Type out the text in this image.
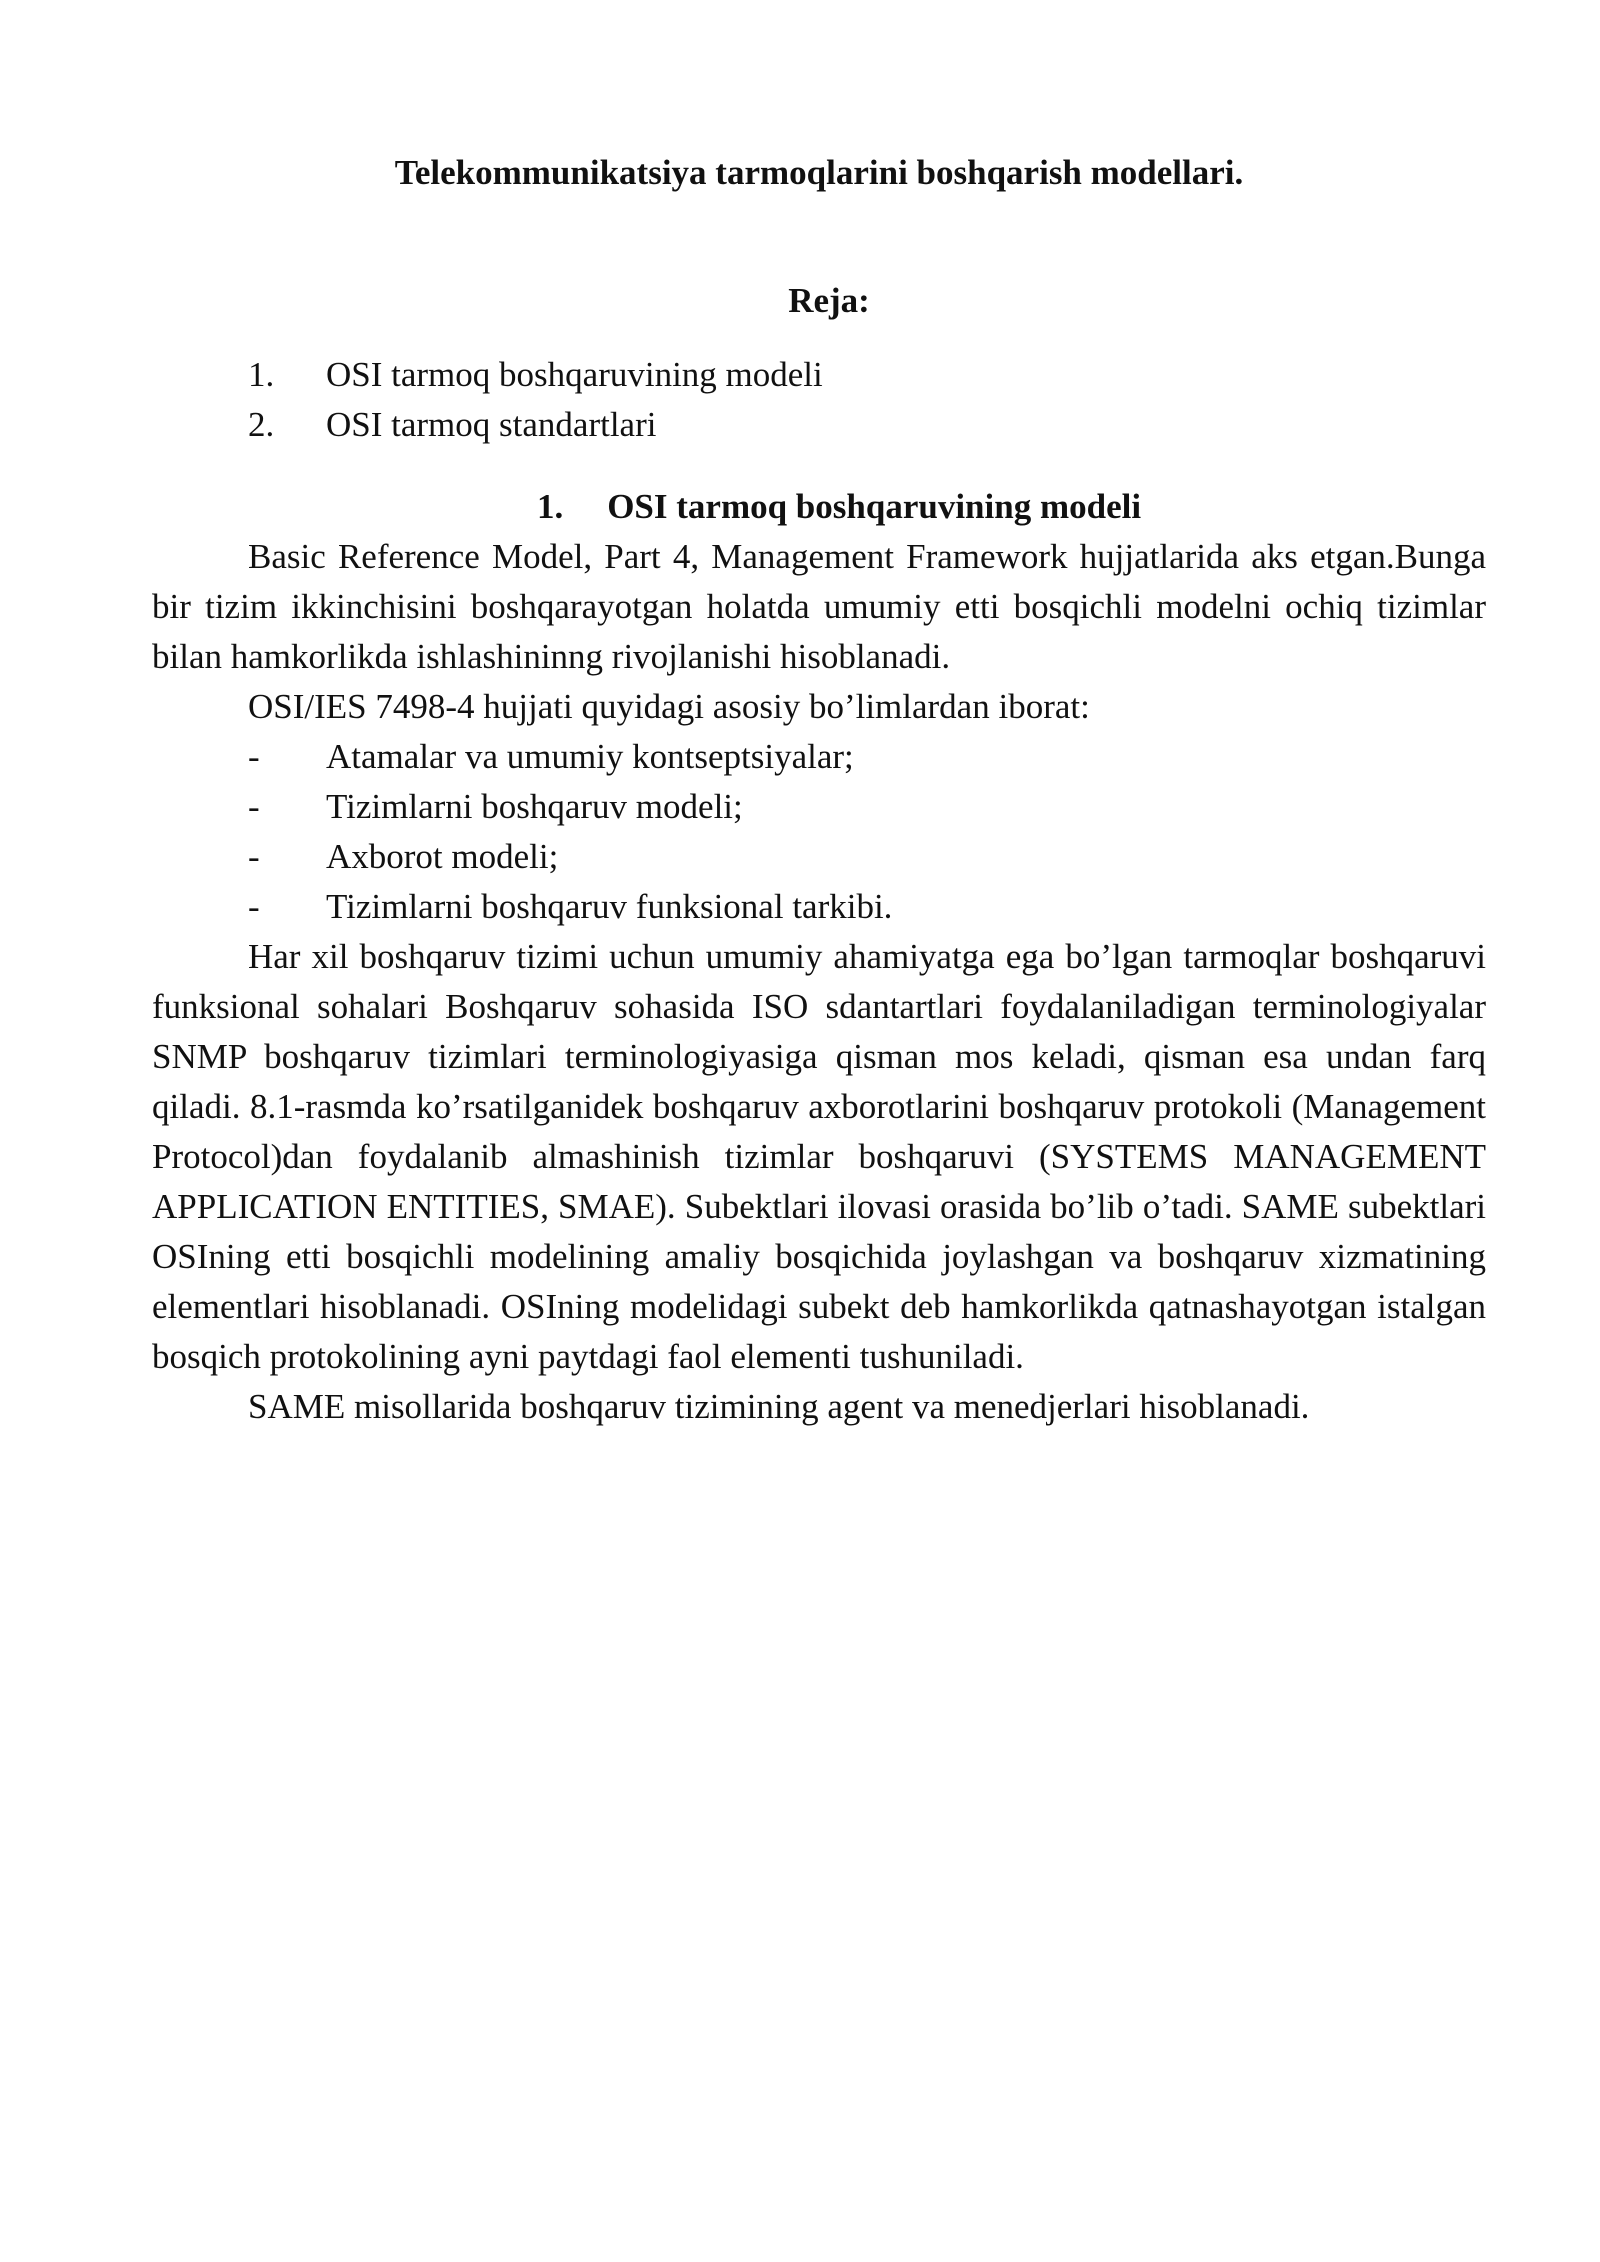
Telekommunikatsiya tarmoqlarini boshqarish modellari.
Reja:
1. OSI tarmoq boshqaruvining modeli
2. OSI tarmoq standartlari
1. OSI tarmoq boshqaruvining modeli

Basic Reference Model, Part 4, Management Framework hujjatlarida aks etgan.Bunga bir tizim ikkinchisini boshqarayotgan holatda umumiy etti bosqichli modelni ochiq tizimlar bilan hamkorlikda ishlashininng rivojlanishi hisoblanadi.

OSI/IES 7498-4 hujjati quyidagi asosiy bo’limlardan iborat:

- Atamalar va umumiy kontseptsiyalar;
- Tizimlarni boshqaruv modeli;
- Axborot modeli;
- Tizimlarni boshqaruv funksional tarkibi.

Har xil boshqaruv tizimi uchun umumiy ahamiyatga ega bo’lgan tarmoqlar boshqaruvi funksional sohalari Boshqaruv sohasida ISO sdantartlari foydalaniladigan terminologiyalar SNMP boshqaruv tizimlari terminologiyasiga qisman mos keladi, qisman esa undan farq qiladi. 8.1-rasmda ko’rsatilganidek boshqaruv axborotlarini boshqaruv protokoli (Management Protocol)dan foydalanib almashinish tizimlar boshqaruvi (SYSTEMS MANAGEMENT APPLICATION ENTITIES, SMAE). Subektlari ilovasi orasida bo’lib o’tadi. SAME subektlari OSIning etti bosqichli modelining amaliy bosqichida joylashgan va boshqaruv xizmatining elementlari hisoblanadi. OSIning modelidagi subekt deb hamkorlikda qatnashayotgan istalgan bosqich protokolining ayni paytdagi faol elementi tushuniladi.

SAME misollarida boshqaruv tizimining agent va menedjerlari hisoblanadi.
